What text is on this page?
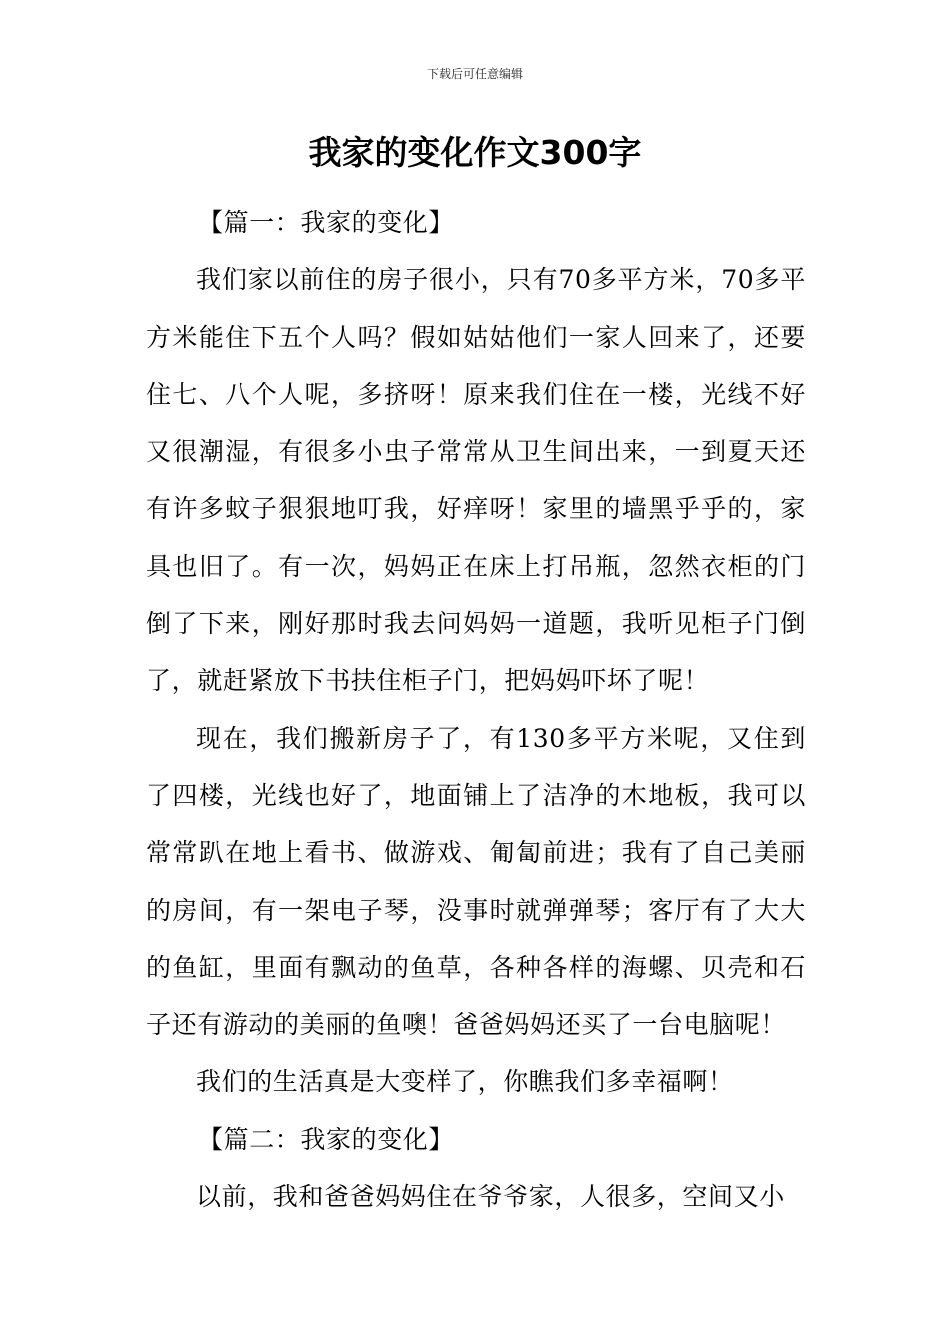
下载后可任意编辑
我家的变化作文300字

【篇一：我家的变化】

我们家以前住的房子很小，只有70多平方米，70多平方米能住下五个人吗？假如姑姑他们一家人回来了，还要住七、八个人呢，多挤呀！原来我们住在一楼，光线不好又很潮湿，有很多小虫子常常从卫生间出来，一到夏天还有许多蚊子狠狠地叮我，好痒呀！家里的墙黑乎乎的，家具也旧了。有一次，妈妈正在床上打吊瓶，忽然衣柜的门倒了下来，刚好那时我去问妈妈一道题，我听见柜子门倒了，就赶紧放下书扶住柜子门，把妈妈吓坏了呢！

现在，我们搬新房子了，有130多平方米呢，又住到了四楼，光线也好了，地面铺上了洁净的木地板，我可以常常趴在地上看书、做游戏、匍匐前进；我有了自己美丽的房间，有一架电子琴，没事时就弹弹琴；客厅有了大大的鱼缸，里面有飘动的鱼草，各种各样的海螺、贝壳和石子还有游动的美丽的鱼噢！爸爸妈妈还买了一台电脑呢！

我们的生活真是大变样了，你瞧我们多幸福啊！

【篇二：我家的变化】

以前，我和爸爸妈妈住在爷爷家，人很多，空间又小
